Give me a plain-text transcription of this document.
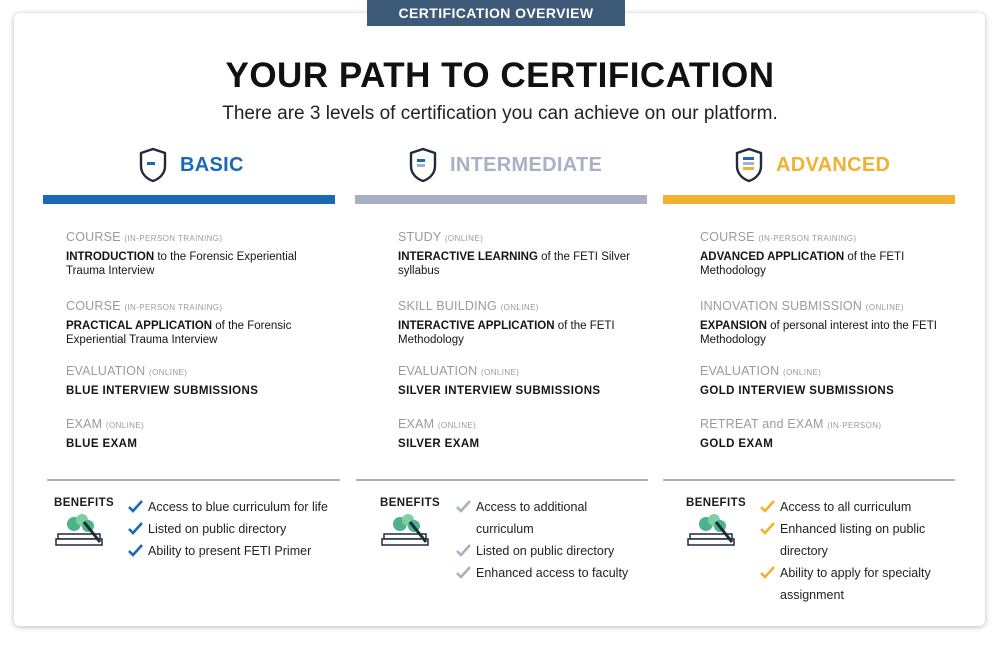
CERTIFICATION OVERVIEW
YOUR PATH TO CERTIFICATION
There are 3 levels of certification you can achieve on our platform.
BASIC
COURSE (IN-PERSON TRAINING)
INTRODUCTION to the Forensic Experiential Trauma Interview
COURSE (IN-PERSON TRAINING)
PRACTICAL APPLICATION of the Forensic Experiential Trauma Interview
EVALUATION (ONLINE)
BLUE INTERVIEW SUBMISSIONS
EXAM (ONLINE)
BLUE EXAM
BENEFITS	Access to blue curriculum for life
Listed on public directory
Ability to present FETI Primer
INTERMEDIATE
STUDY (ONLINE)
INTERACTIVE LEARNING of the FETI Silver syllabus
SKILL BUILDING (ONLINE)
INTERACTIVE APPLICATION of the FETI Methodology
EVALUATION (ONLINE)
SILVER INTERVIEW SUBMISSIONS
EXAM (ONLINE)
SILVER EXAM
BENEFITS	Access to additional curriculum
Listed on public directory
Enhanced access to faculty
ADVANCED
COURSE (IN-PERSON TRAINING)
ADVANCED APPLICATION of the FETI Methodology
INNOVATION SUBMISSION (ONLINE)
EXPANSION of personal interest into the FETI Methodology
EVALUATION (ONLINE)
GOLD INTERVIEW SUBMISSIONS
RETREAT and EXAM (IN-PERSON)
GOLD EXAM
BENEFITS	Access to all curriculum
Enhanced listing on public directory
Ability to apply for specialty assignment
